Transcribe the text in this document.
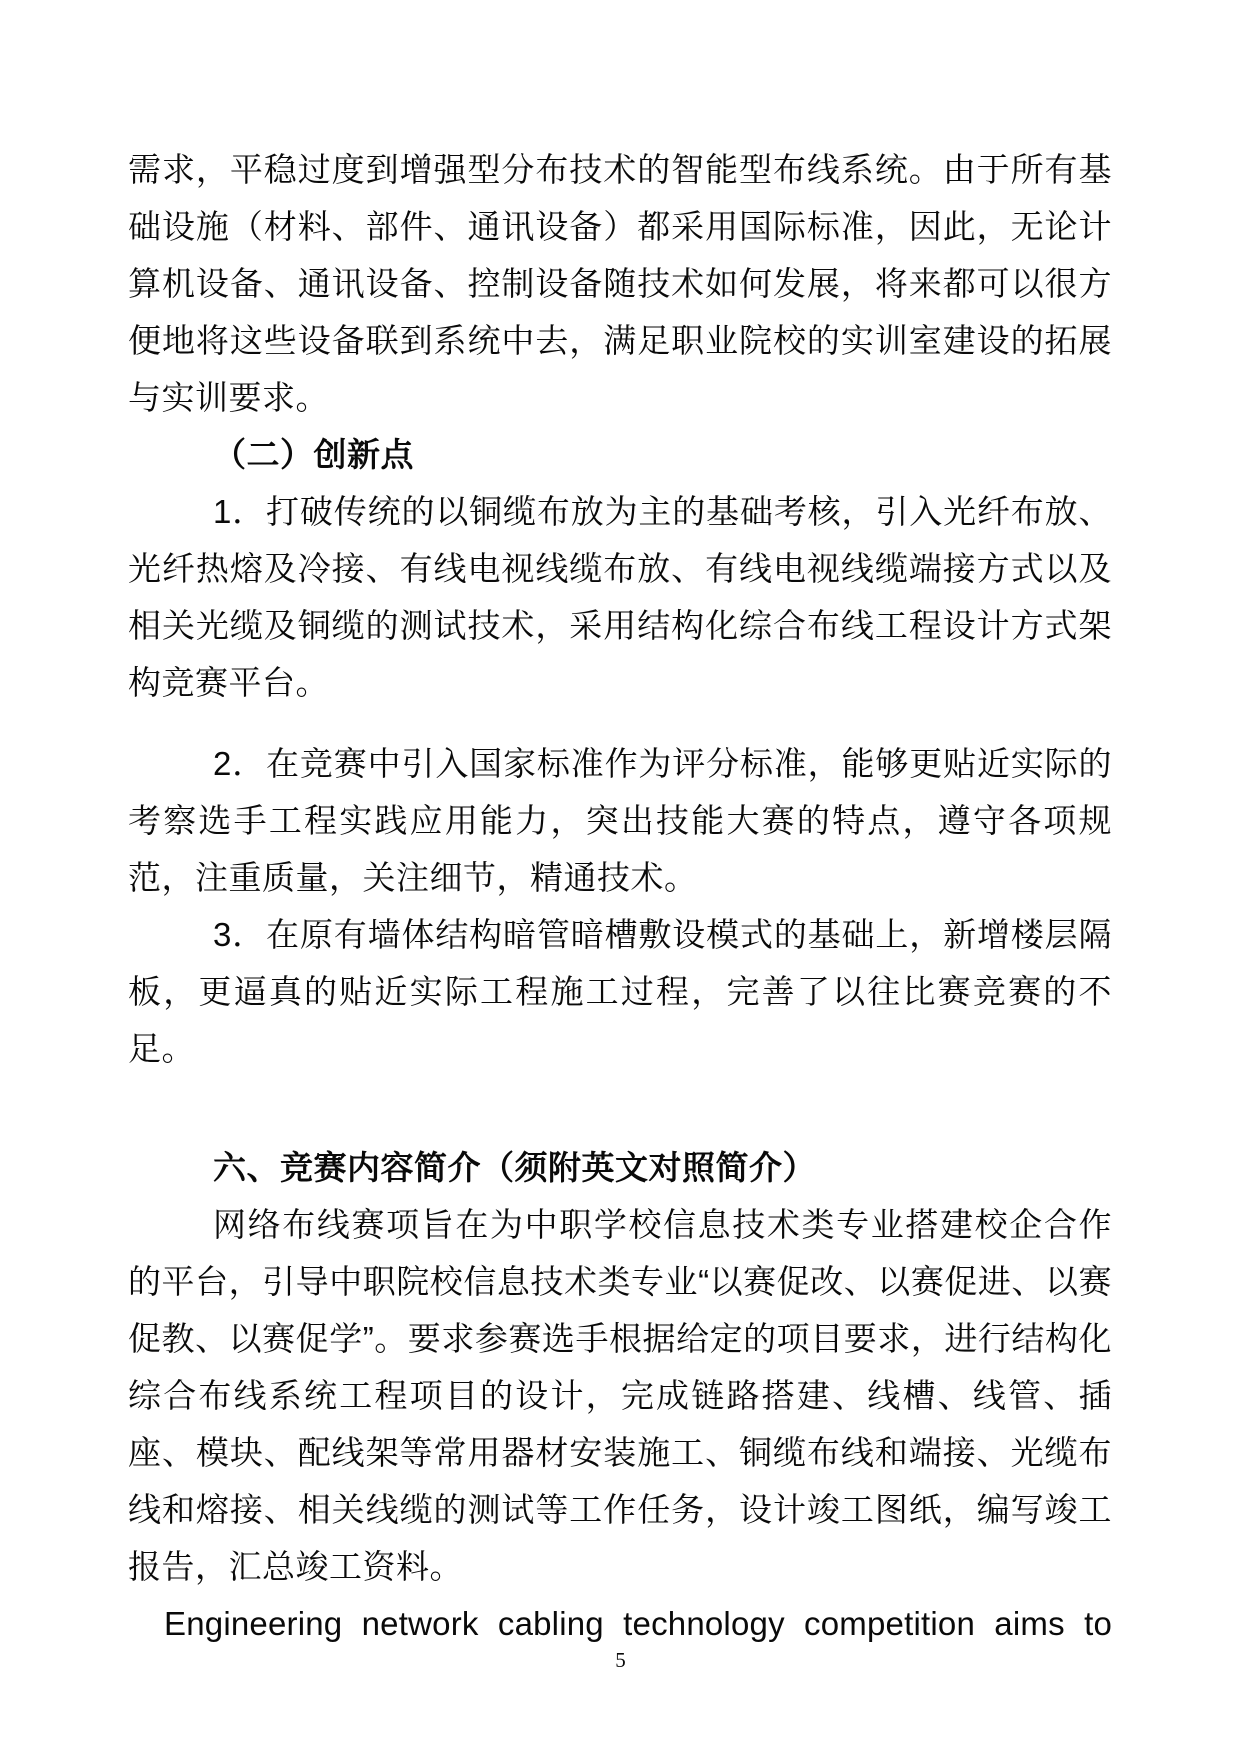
需求，平稳过度到增强型分布技术的智能型布线系统。由于所有基础设施（材料、部件、通讯设备）都采用国际标准，因此，无论计算机设备、通讯设备、控制设备随技术如何发展，将来都可以很方便地将这些设备联到系统中去，满足职业院校的实训室建设的拓展与实训要求。

（二）创新点

1．打破传统的以铜缆布放为主的基础考核，引入光纤布放、光纤热熔及冷接、有线电视线缆布放、有线电视线缆端接方式以及相关光缆及铜缆的测试技术，采用结构化综合布线工程设计方式架构竞赛平台。

2．在竞赛中引入国家标准作为评分标准，能够更贴近实际的考察选手工程实践应用能力，突出技能大赛的特点，遵守各项规范，注重质量，关注细节，精通技术。

3．在原有墙体结构暗管暗槽敷设模式的基础上，新增楼层隔板，更逼真的贴近实际工程施工过程，完善了以往比赛竞赛的不足。

六、竞赛内容简介（须附英文对照简介）

网络布线赛项旨在为中职学校信息技术类专业搭建校企合作的平台，引导中职院校信息技术类专业“以赛促改、以赛促进、以赛促教、以赛促学”。要求参赛选手根据给定的项目要求，进行结构化综合布线系统工程项目的设计，完成链路搭建、线槽、线管、插座、模块、配线架等常用器材安装施工、铜缆布线和端接、光缆布线和熔接、相关线缆的测试等工作任务，设计竣工图纸，编写竣工报告，汇总竣工资料。

Engineering network cabling technology competition aims to

5
